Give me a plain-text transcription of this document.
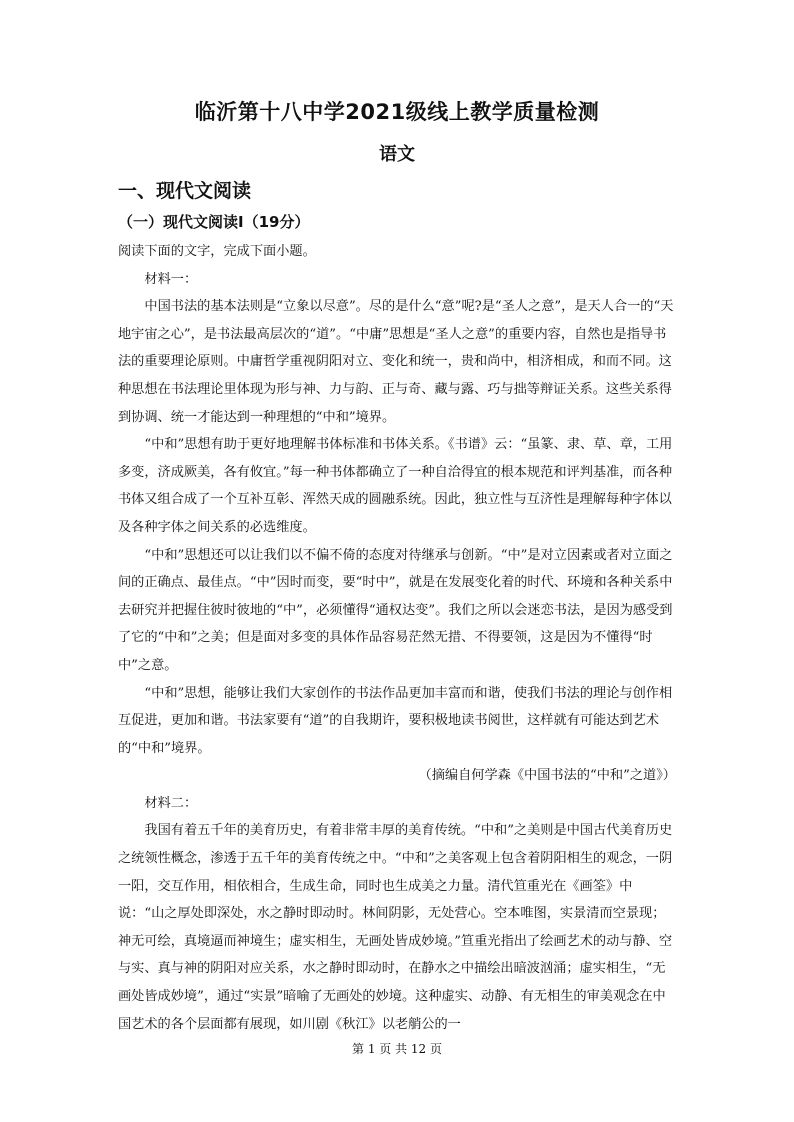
临沂第十八中学2021级线上教学质量检测
语文
一、现代文阅读
（一）现代文阅读Ⅰ（19分）

阅读下面的文字，完成下面小题。

材料一：

中国书法的基本法则是“立象以尽意”。尽的是什么“意”呢?是“圣人之意”，是天人合一的“天地宇宙之心”，是书法最高层次的“道”。“中庸”思想是“圣人之意”的重要内容，自然也是指导书法的重要理论原则。中庸哲学重视阴阳对立、变化和统一，贵和尚中，相济相成，和而不同。这种思想在书法理论里体现为形与神、力与韵、正与奇、藏与露、巧与拙等辩证关系。这些关系得到协调、统一才能达到一种理想的“中和”境界。

“中和”思想有助于更好地理解书体标准和书体关系。《书谱》云：“虽篆、隶、草、章，工用多变，济成厥美，各有攸宜。”每一种书体都确立了一种自洽得宜的根本规范和评判基准，而各种书体又组合成了一个互补互彰、浑然天成的圆融系统。因此，独立性与互济性是理解每种字体以及各种字体之间关系的必选维度。

“中和”思想还可以让我们以不偏不倚的态度对待继承与创新。“中”是对立因素或者对立面之间的正确点、最佳点。“中”因时而变，要“时中”，就是在发展变化着的时代、环境和各种关系中去研究并把握住彼时彼地的“中”，必须懂得“通权达变”。我们之所以会迷恋书法，是因为感受到了它的“中和”之美；但是面对多变的具体作品容易茫然无措、不得要领，这是因为不懂得“时中”之意。

“中和”思想，能够让我们大家创作的书法作品更加丰富而和谐，使我们书法的理论与创作相互促进，更加和谐。书法家要有“道”的自我期许，要积极地读书阅世，这样就有可能达到艺术的“中和”境界。

（摘编自何学森《中国书法的“中和”之道》）

材料二：

我国有着五千年的美育历史，有着非常丰厚的美育传统。“中和”之美则是中国古代美育历史之统领性概念，渗透于五千年的美育传统之中。“中和”之美客观上包含着阴阳相生的观念，一阴一阳，交互作用，相依相合，生成生命，同时也生成美之力量。清代笪重光在《画筌》中说：“山之厚处即深处，水之静时即动时。林间阴影，无处营心。空本唯图，实景清而空景现；神无可绘，真境逼而神境生；虚实相生，无画处皆成妙境。”笪重光指出了绘画艺术的动与静、空与实、真与神的阴阳对应关系，水之静时即动时，在静水之中描绘出暗波汹涌；虚实相生，“无画处皆成妙境”，通过“实景”暗喻了无画处的妙境。这种虚实、动静、有无相生的审美观念在中国艺术的各个层面都有展现，如川剧《秋江》以老艄公的一

第 1 页 共 12 页
